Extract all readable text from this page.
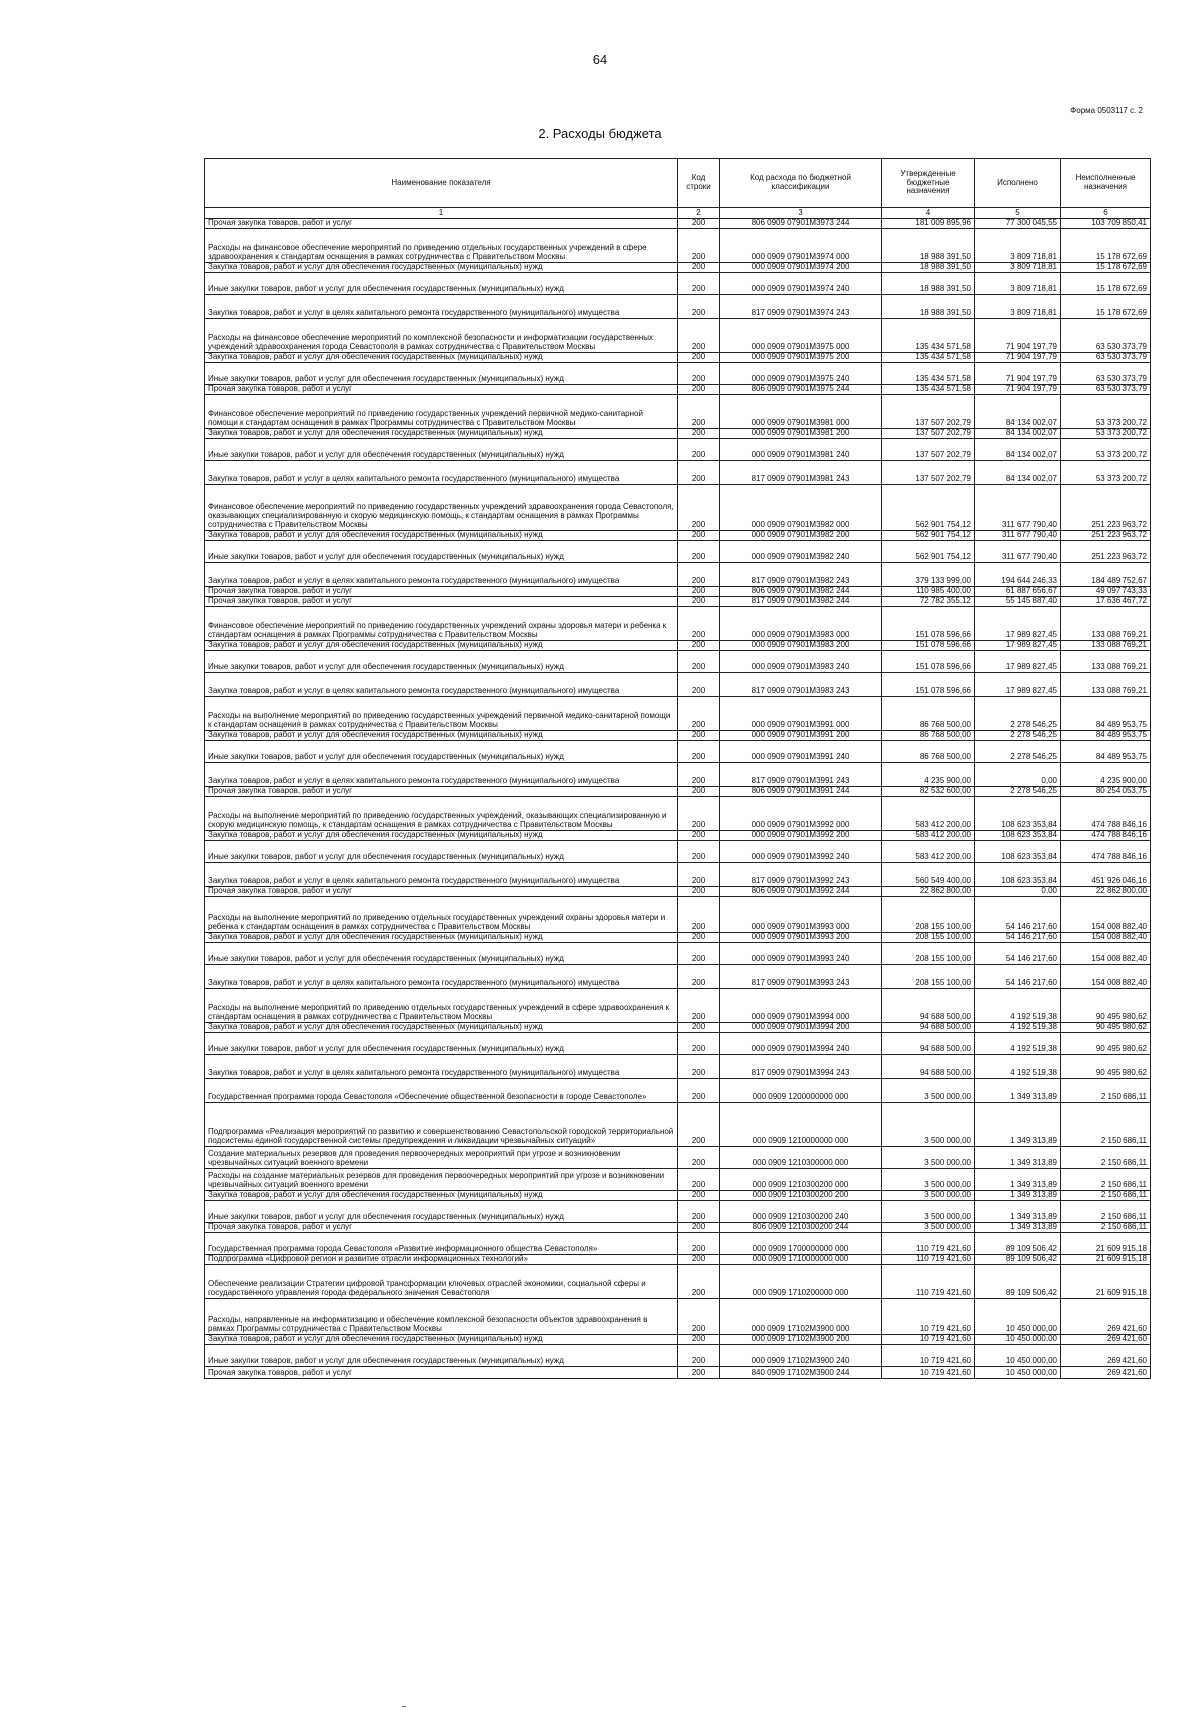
64
Форма 0503117 с. 2
2. Расходы бюджета
Наименование показателя	Код строки	Код расхода по бюджетной классификации	Утвержденные бюджетные назначения	Исполнено	Неисполненные назначения
1	2	3	4	5	6
Прочая закупка товаров, работ и услуг	200	806 0909 07901M3973 244	181 009 895,96	77 300 045,55	103 709 850,41
Расходы на финансовое обеспечение мероприятий по приведению отдельных государственных учреждений в сфере здравоохранения к стандартам оснащения в рамках сотрудничества с Правительством Москвы	200	000 0909 07901M3974 000	18 988 391,50	3 809 718,81	15 178 672,69
Закупка товаров, работ и услуг для обеспечения государственных (муниципальных) нужд	200	000 0909 07901M3974 200	18 988 391,50	3 809 718,81	15 178 672,69
Иные закупки товаров, работ и услуг для обеспечения государственных (муниципальных) нужд	200	000 0909 07901M3974 240	18 988 391,50	3 809 718,81	15 178 672,69
Закупка товаров, работ и услуг в целях капитального ремонта государственного (муниципального) имущества	200	817 0909 07901M3974 243	18 988 391,50	3 809 718,81	15 178 672,69
Расходы на финансовое обеспечение мероприятий по комплексной безопасности и информатизации государственных учреждений здравоохранения города Севастополя в рамках сотрудничества с Правительством Москвы	200	000 0909 07901M3975 000	135 434 571,58	71 904 197,79	63 530 373,79
Закупка товаров, работ и услуг для обеспечения государственных (муниципальных) нужд	200	000 0909 07901M3975 200	135 434 571,58	71 904 197,79	63 530 373,79
Иные закупки товаров, работ и услуг для обеспечения государственных (муниципальных) нужд	200	000 0909 07901M3975 240	135 434 571,58	71 904 197,79	63 530 373,79
Прочая закупка товаров, работ и услуг	200	806 0909 07901M3975 244	135 434 571,58	71 904 197,79	63 530 373,79
Финансовое обеспечение мероприятий по приведению государственных учреждений первичной медико-санитарной помощи к стандартам оснащения в рамках Программы сотрудничества с Правительством Москвы	200	000 0909 07901M3981 000	137 507 202,79	84 134 002,07	53 373 200,72
Закупка товаров, работ и услуг для обеспечения государственных (муниципальных) нужд	200	000 0909 07901M3981 200	137 507 202,79	84 134 002,07	53 373 200,72
Иные закупки товаров, работ и услуг для обеспечения государственных (муниципальных) нужд	200	000 0909 07901M3981 240	137 507 202,79	84 134 002,07	53 373 200,72
Закупка товаров, работ и услуг в целях капитального ремонта государственного (муниципального) имущества	200	817 0909 07901M3981 243	137 507 202,79	84 134 002,07	53 373 200,72
Финансовое обеспечение мероприятий по приведению государственных учреждений здравоохранения города Севастополя, оказывающих специализированную и скорую медицинскую помощь, к стандартам оснащения в рамках Программы сотрудничества с Правительством Москвы	200	000 0909 07901M3982 000	562 901 754,12	311 677 790,40	251 223 963,72
Закупка товаров, работ и услуг для обеспечения государственных (муниципальных) нужд	200	000 0909 07901M3982 200	562 901 754,12	311 677 790,40	251 223 963,72
Иные закупки товаров, работ и услуг для обеспечения государственных (муниципальных) нужд	200	000 0909 07901M3982 240	562 901 754,12	311 677 790,40	251 223 963,72
Закупка товаров, работ и услуг в целях капитального ремонта государственного (муниципального) имущества	200	817 0909 07901M3982 243	379 133 999,00	194 644 246,33	184 489 752,67
Прочая закупка товаров, работ и услуг	200	806 0909 07901M3982 244	110 985 400,00	61 887 656,67	49 097 743,33
Прочая закупка товаров, работ и услуг	200	817 0909 07901M3982 244	72 782 355,12	55 145 887,40	17 636 467,72
Финансовое обеспечение мероприятий по приведению государственных учреждений охраны здоровья матери и ребенка к стандартам оснащения в рамках Программы сотрудничества с Правительством Москвы	200	000 0909 07901M3983 000	151 078 596,66	17 989 827,45	133 088 769,21
Закупка товаров, работ и услуг для обеспечения государственных (муниципальных) нужд	200	000 0909 07901M3983 200	151 078 596,66	17 989 827,45	133 088 769,21
Иные закупки товаров, работ и услуг для обеспечения государственных (муниципальных) нужд	200	000 0909 07901M3983 240	151 078 596,66	17 989 827,45	133 088 769,21
Закупка товаров, работ и услуг в целях капитального ремонта государственного (муниципального) имущества	200	817 0909 07901M3983 243	151 078 596,66	17 989 827,45	133 088 769,21
Расходы на выполнение мероприятий по приведению государственных учреждений первичной медико-санитарной помощи к стандартам оснащения в рамках сотрудничества с Правительством Москвы	200	000 0909 07901M3991 000	86 768 500,00	2 278 546,25	84 489 953,75
Закупка товаров, работ и услуг для обеспечения государственных (муниципальных) нужд	200	000 0909 07901M3991 200	86 768 500,00	2 278 546,25	84 489 953,75
Иные закупки товаров, работ и услуг для обеспечения государственных (муниципальных) нужд	200	000 0909 07901M3991 240	86 768 500,00	2 278 546,25	84 489 953,75
Закупка товаров, работ и услуг в целях капитального ремонта государственного (муниципального) имущества	200	817 0909 07901M3991 243	4 235 900,00	0,00	4 235 900,00
Прочая закупка товаров, работ и услуг	200	806 0909 07901M3991 244	82 532 600,00	2 278 546,25	80 254 053,75
Расходы на выполнение мероприятий по приведению государственных учреждений, оказывающих специализированную и скорую медицинскую помощь, к стандартам оснащения в рамках сотрудничества с Правительством Москвы	200	000 0909 07901M3992 000	583 412 200,00	108 623 353,84	474 788 846,16
Закупка товаров, работ и услуг для обеспечения государственных (муниципальных) нужд	200	000 0909 07901M3992 200	583 412 200,00	108 623 353,84	474 788 846,16
Иные закупки товаров, работ и услуг для обеспечения государственных (муниципальных) нужд	200	000 0909 07901M3992 240	583 412 200,00	108 623 353,84	474 788 846,16
Закупка товаров, работ и услуг в целях капитального ремонта государственного (муниципального) имущества	200	817 0909 07901M3992 243	560 549 400,00	108 623 353,84	451 926 046,16
Прочая закупка товаров, работ и услуг	200	806 0909 07901M3992 244	22 862 800,00	0,00	22 862 800,00
Расходы на выполнение мероприятий по приведению отдельных государственных учреждений охраны здоровья матери и ребенка к стандартам оснащения в рамках сотрудничества с Правительством Москвы	200	000 0909 07901M3993 000	208 155 100,00	54 146 217,60	154 008 882,40
Закупка товаров, работ и услуг для обеспечения государственных (муниципальных) нужд	200	000 0909 07901M3993 200	208 155 100,00	54 146 217,60	154 008 882,40
Иные закупки товаров, работ и услуг для обеспечения государственных (муниципальных) нужд	200	000 0909 07901M3993 240	208 155 100,00	54 146 217,60	154 008 882,40
Закупка товаров, работ и услуг в целях капитального ремонта государственного (муниципального) имущества	200	817 0909 07901M3993 243	208 155 100,00	54 146 217,60	154 008 882,40
Расходы на выполнение мероприятий по приведению отдельных государственных учреждений в сфере здравоохранения к стандартам оснащения в рамках сотрудничества с Правительством Москвы	200	000 0909 07901M3994 000	94 688 500,00	4 192 519,38	90 495 980,62
Закупка товаров, работ и услуг для обеспечения государственных (муниципальных) нужд	200	000 0909 07901M3994 200	94 688 500,00	4 192 519,38	90 495 980,62
Иные закупки товаров, работ и услуг для обеспечения государственных (муниципальных) нужд	200	000 0909 07901M3994 240	94 688 500,00	4 192 519,38	90 495 980,62
Закупка товаров, работ и услуг в целях капитального ремонта государственного (муниципального) имущества	200	817 0909 07901M3994 243	94 688 500,00	4 192 519,38	90 495 980,62
Государственная программа города Севастополя «Обеспечение общественной безопасности в городе Севастополе»	200	000 0909 1200000000 000	3 500 000,00	1 349 313,89	2 150 686,11
Подпрограмма «Реализация мероприятий по развитию и совершенствованию Севастопольской городской территориальной подсистемы единой государственной системы предупреждения и ликвидации чрезвычайных ситуаций»	200	000 0909 1210000000 000	3 500 000,00	1 349 313,89	2 150 686,11
Создание материальных резервов для проведения первоочередных мероприятий при угрозе и возникновении чрезвычайных ситуаций военного времени	200	000 0909 1210300000 000	3 500 000,00	1 349 313,89	2 150 686,11
Расходы на создание материальных резервов для проведения первоочередных мероприятий при угрозе и возникновении чрезвычайных ситуаций военного времени	200	000 0909 1210300200 000	3 500 000,00	1 349 313,89	2 150 686,11
Закупка товаров, работ и услуг для обеспечения государственных (муниципальных) нужд	200	000 0909 1210300200 200	3 500 000,00	1 349 313,89	2 150 686,11
Иные закупки товаров, работ и услуг для обеспечения государственных (муниципальных) нужд	200	000 0909 1210300200 240	3 500 000,00	1 349 313,89	2 150 686,11
Прочая закупка товаров, работ и услуг	200	806 0909 1210300200 244	3 500 000,00	1 349 313,89	2 150 686,11
Государственная программа города Севастополя «Развитие информационного общества Севастополя»	200	000 0909 1700000000 000	110 719 421,60	89 109 506,42	21 609 915,18
Подпрограмма «Цифровой регион и развитие отрасли информационных технологий»	200	000 0909 1710000000 000	110 719 421,60	89 109 506,42	21 609 915,18
Обеспечение реализации Стратегии цифровой трансформации ключевых отраслей экономики, социальной сферы и государственного управления города федерального значения Севастополя	200	000 0909 1710200000 000	110 719 421,60	89 109 506,42	21 609 915,18
Расходы, направленные на информатизацию и обеспечение комплексной безопасности объектов здравоохранения в рамках Программы сотрудничества с Правительством Москвы	200	000 0909 17102M3900 000	10 719 421,60	10 450 000,00	269 421,60
Закупка товаров, работ и услуг для обеспечения государственных (муниципальных) нужд	200	000 0909 17102M3900 200	10 719 421,60	10 450 000,00	269 421,60
Иные закупки товаров, работ и услуг для обеспечения государственных (муниципальных) нужд	200	000 0909 17102M3900 240	10 719 421,60	10 450 000,00	269 421,60
Прочая закупка товаров, работ и услуг	200	840 0909 17102M3900 244	10 719 421,60	10 450 000,00	269 421,60
